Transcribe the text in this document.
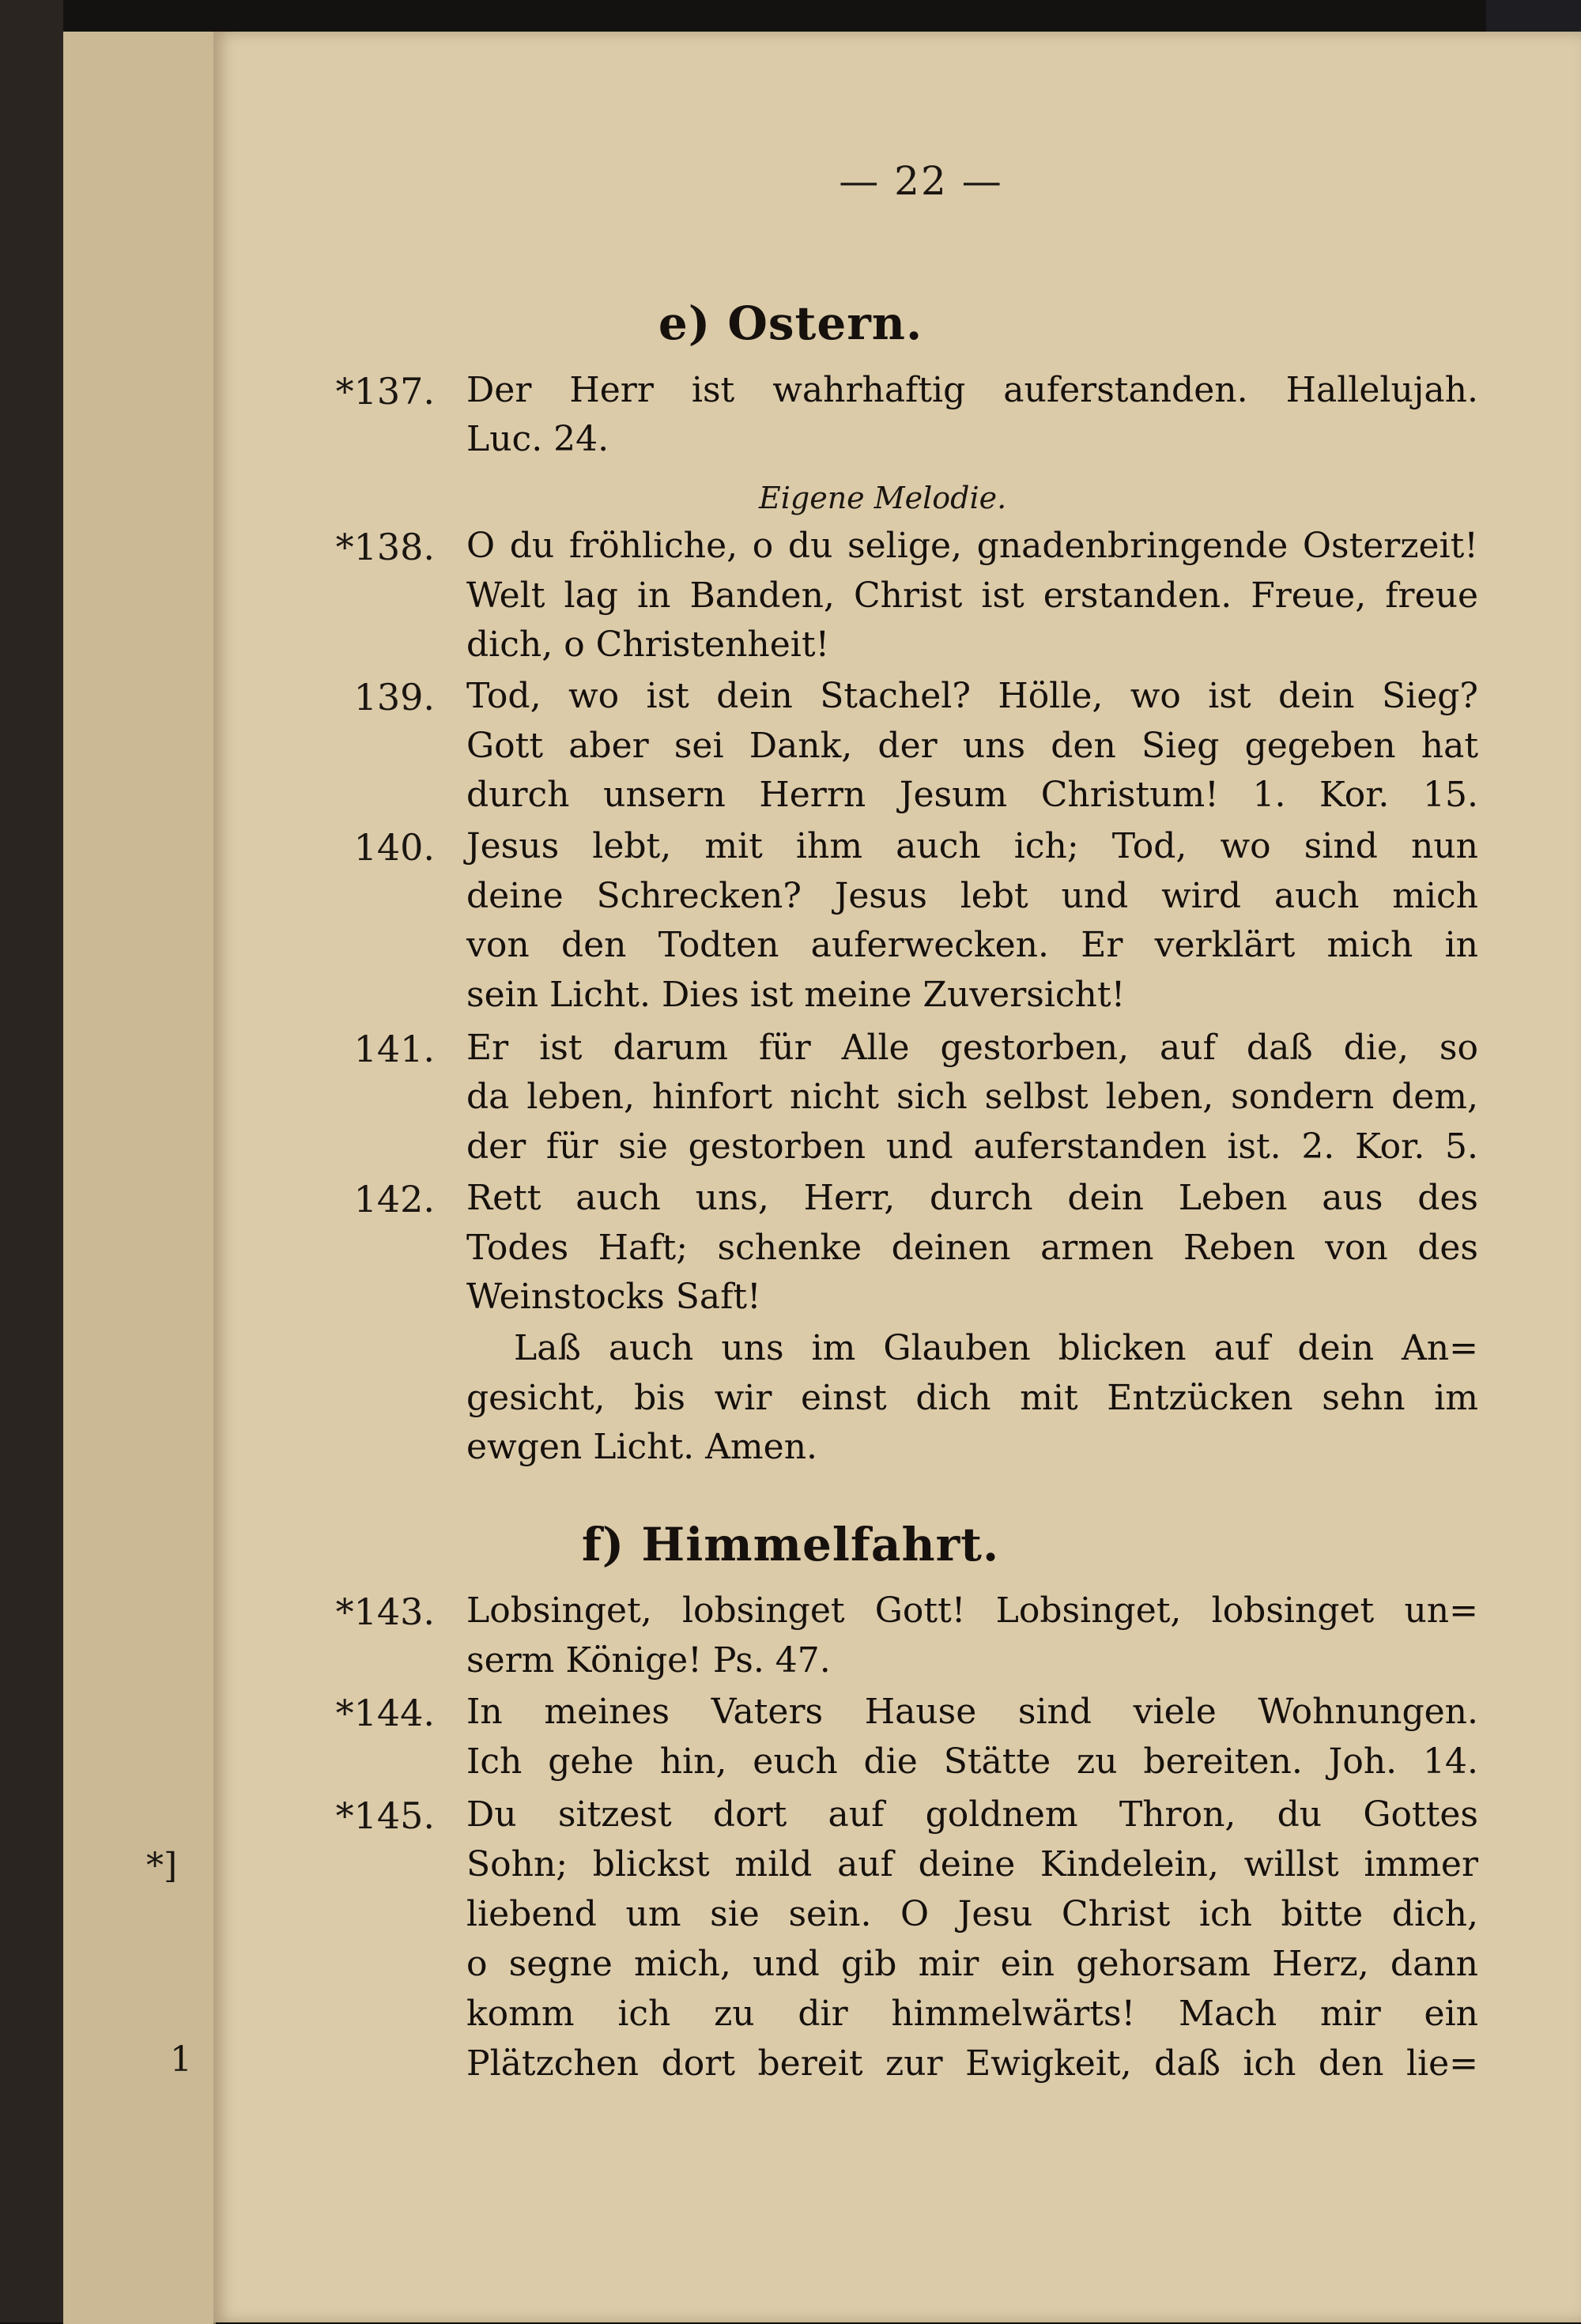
*]
1
— 22 —
e) Ostern.
*137. Der Herr ist wahrhaftig auferstanden. Hallelujah.
Luc. 24.
Eigene Melodie.
*138. O du fröhliche, o du selige, gnadenbringende Osterzeit!
Welt lag in Banden, Christ ist erstanden. Freue, freue
dich, o Christenheit!
139. Tod, wo ist dein Stachel? Hölle, wo ist dein Sieg?
Gott aber sei Dank, der uns den Sieg gegeben hat
durch unsern Herrn Jesum Christum! 1. Kor. 15.
140. Jesus lebt, mit ihm auch ich; Tod, wo sind nun
deine Schrecken? Jesus lebt und wird auch mich
von den Todten auferwecken. Er verklärt mich in
sein Licht. Dies ist meine Zuversicht!
141. Er ist darum für Alle gestorben, auf daß die, so
da leben, hinfort nicht sich selbst leben, sondern dem,
der für sie gestorben und auferstanden ist. 2. Kor. 5.
142. Rett auch uns, Herr, durch dein Leben aus des
Todes Haft; schenke deinen armen Reben von des
Weinstocks Saft!
Laß auch uns im Glauben blicken auf dein An=
gesicht, bis wir einst dich mit Entzücken sehn im
ewgen Licht. Amen.
f) Himmelfahrt.
*143. Lobsinget, lobsinget Gott! Lobsinget, lobsinget un=
serm Könige! Ps. 47.
*144. In meines Vaters Hause sind viele Wohnungen.
Ich gehe hin, euch die Stätte zu bereiten. Joh. 14.
*145. Du sitzest dort auf goldnem Thron, du Gottes
Sohn; blickst mild auf deine Kindelein, willst immer
liebend um sie sein. O Jesu Christ ich bitte dich,
o segne mich, und gib mir ein gehorsam Herz, dann
komm ich zu dir himmelwärts! Mach mir ein
Plätzchen dort bereit zur Ewigkeit, daß ich den lie=
